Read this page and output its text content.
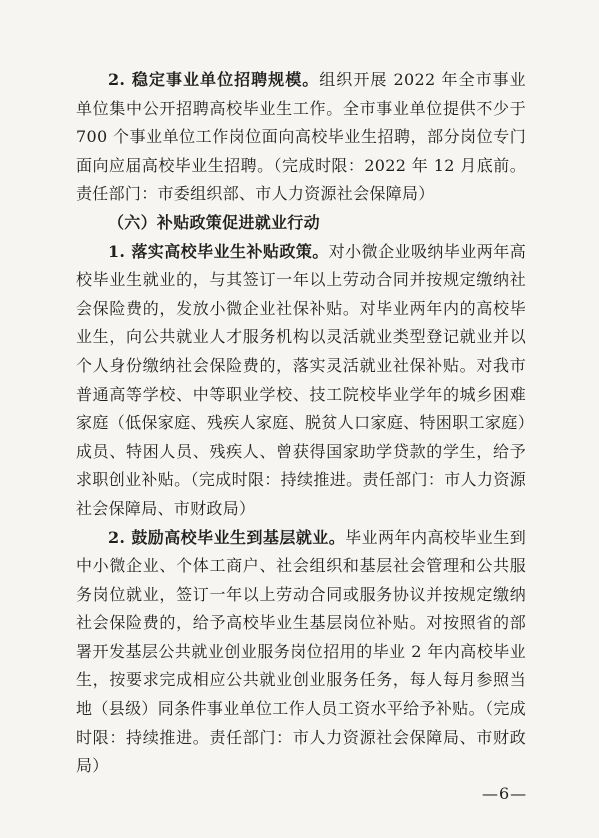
2. 稳定事业单位招聘规模。组织开展 2022 年全市事业单位集中公开招聘高校毕业生工作。全市事业单位提供不少于 700 个事业单位工作岗位面向高校毕业生招聘，部分岗位专门面向应届高校毕业生招聘。（完成时限：2022 年 12 月底前。责任部门：市委组织部、市人力资源社会保障局）

（六）补贴政策促进就业行动

1. 落实高校毕业生补贴政策。对小微企业吸纳毕业两年高校毕业生就业的，与其签订一年以上劳动合同并按规定缴纳社会保险费的，发放小微企业社保补贴。对毕业两年内的高校毕业生，向公共就业人才服务机构以灵活就业类型登记就业并以个人身份缴纳社会保险费的，落实灵活就业社保补贴。对我市普通高等学校、中等职业学校、技工院校毕业学年的城乡困难家庭（低保家庭、残疾人家庭、脱贫人口家庭、特困职工家庭）成员、特困人员、残疾人、曾获得国家助学贷款的学生，给予求职创业补贴。（完成时限：持续推进。责任部门：市人力资源社会保障局、市财政局）

2. 鼓励高校毕业生到基层就业。毕业两年内高校毕业生到中小微企业、个体工商户、社会组织和基层社会管理和公共服务岗位就业，签订一年以上劳动合同或服务协议并按规定缴纳社会保险费的，给予高校毕业生基层岗位补贴。对按照省的部署开发基层公共就业创业服务岗位招用的毕业 2 年内高校毕业生，按要求完成相应公共就业创业服务任务，每人每月参照当地（县级）同条件事业单位工作人员工资水平给予补贴。（完成时限：持续推进。责任部门：市人力资源社会保障局、市财政局）

—6—
